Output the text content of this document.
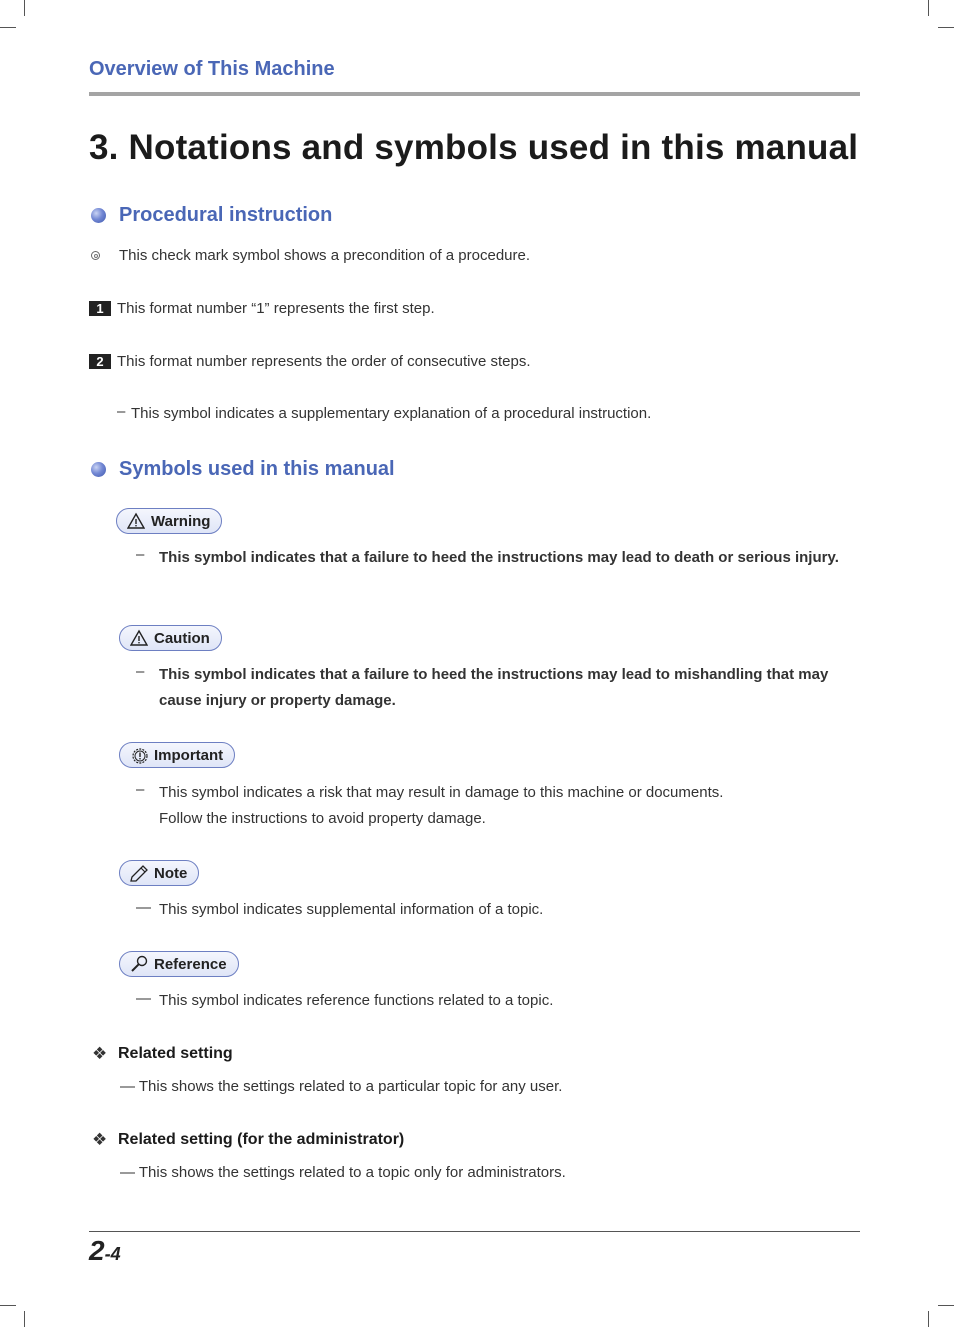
Overview of This Machine
3. Notations and symbols used in this manual
Procedural instruction
This check mark symbol shows a precondition of a procedure.
1 This format number “1” represents the first step.
2 This format number represents the order of consecutive steps.
– This symbol indicates a supplementary explanation of a procedural instruction.
Symbols used in this manual
Warning
– This symbol indicates that a failure to heed the instructions may lead to death or serious injury.
Caution
– This symbol indicates that a failure to heed the instructions may lead to mishandling that may cause injury or property damage.
Important
– This symbol indicates a risk that may result in damage to this machine or documents.
Follow the instructions to avoid property damage.
Note
— This symbol indicates supplemental information of a topic.
Reference
— This symbol indicates reference functions related to a topic.
❖ Related setting
— This shows the settings related to a particular topic for any user.
❖ Related setting (for the administrator)
— This shows the settings related to a topic only for administrators.
2-4
